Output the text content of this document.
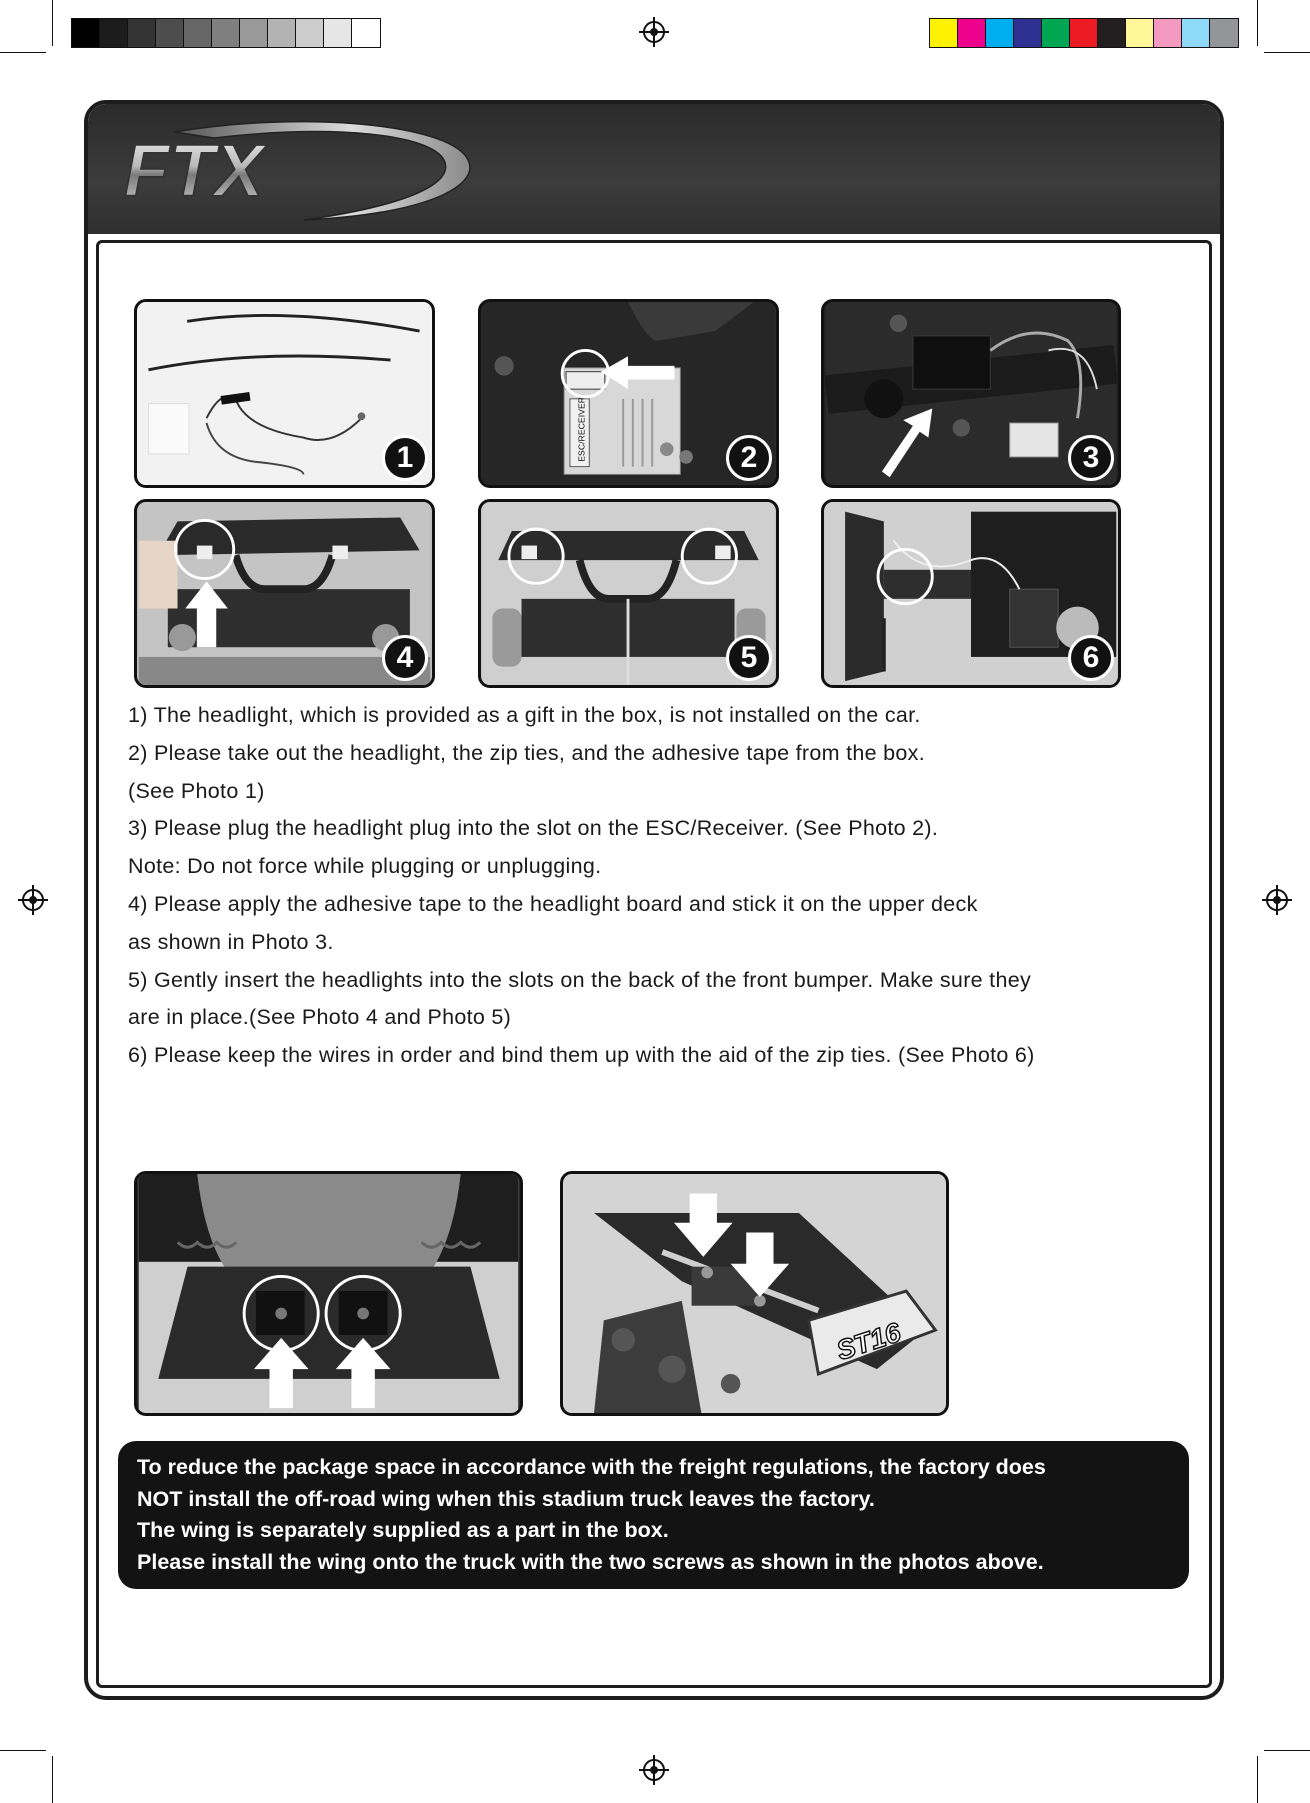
FTX
1	ESC/RECEIVER	2	3
4	5	6

1) The headlight, which is provided as a gift in the box, is not installed on the car.

2) Please take out the headlight, the zip ties, and the adhesive tape from the box.

(See Photo 1)

3) Please plug the headlight plug into the slot on the ESC/Receiver. (See Photo 2).

Note: Do not force while plugging or unplugging.

4) Please apply the adhesive tape to the headlight board and stick it on the upper deck

as shown in Photo 3.

5) Gently insert the headlights into the slots on the back of the front bumper. Make sure they

are in place.(See Photo 4 and Photo 5)

6) Please keep the wires in order and bind them up with the aid of the zip ties. (See Photo 6)

ST16

To reduce the package space in accordance with the freight regulations, the factory does

NOT install the off-road wing when this stadium truck leaves the factory.

The wing is separately supplied as a part in the box.

Please install the wing onto the truck with the two screws as shown in the photos above.
